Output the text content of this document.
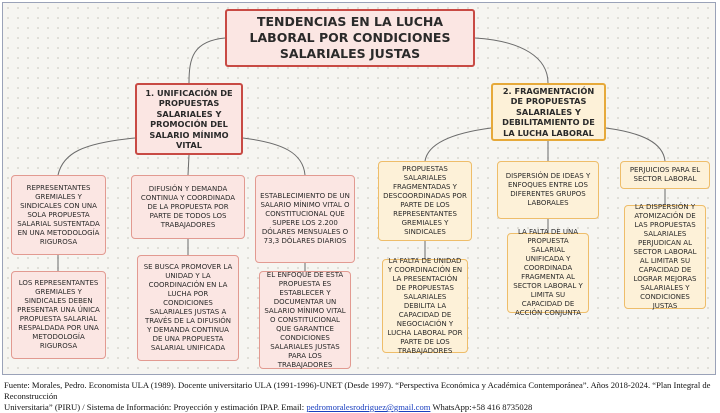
TENDENCIAS EN LA LUCHA LABORAL POR CONDICIONES SALARIALES JUSTAS
1. UNIFICACIÓN DE PROPUESTAS SALARIALES Y PROMOCIÓN DEL SALARIO MÍNIMO VITAL
2. FRAGMENTACIÓN DE PROPUESTAS SALARIALES Y DEBILITAMIENTO DE LA LUCHA LABORAL
REPRESENTANTES GREMIALES Y SINDICALES CON UNA SOLA PROPUESTA SALARIAL SUSTENTADA EN UNA METODOLOGÍA RIGUROSA
LOS REPRESENTANTES GREMIALES Y SINDICALES DEBEN PRESENTAR UNA ÚNICA PROPUESTA SALARIAL RESPALDADA POR UNA METODOLOGÍA RIGUROSA
DIFUSIÓN Y DEMANDA CONTINUA Y COORDINADA DE LA PROPUESTA POR PARTE DE TODOS LOS TRABAJADORES
SE BUSCA PROMOVER LA UNIDAD Y LA COORDINACIÓN EN LA LUCHA POR CONDICIONES SALARIALES JUSTAS A TRAVÉS DE LA DIFUSIÓN Y DEMANDA CONTINUA DE UNA PROPUESTA SALARIAL UNIFICADA
ESTABLECIMIENTO DE UN SALARIO MÍNIMO VITAL O CONSTITUCIONAL QUE SUPERE LOS 2.200 DÓLARES MENSUALES O 73,3 DÓLARES DIARIOS
EL ENFOQUE DE ESTA PROPUESTA ES ESTABLECER Y DOCUMENTAR UN SALARIO MÍNIMO VITAL O CONSTITUCIONAL QUE GARANTICE CONDICIONES SALARIALES JUSTAS PARA LOS TRABAJADORES
PROPUESTAS SALARIALES FRAGMENTADAS Y DESCOORDINADAS POR PARTE DE LOS REPRESENTANTES GREMIALES Y SINDICALES
LA FALTA DE UNIDAD Y COORDINACIÓN EN LA PRESENTACIÓN DE PROPUESTAS SALARIALES DEBILITA LA CAPACIDAD DE NEGOCIACIÓN Y LUCHA LABORAL POR PARTE DE LOS TRABAJADORES
DISPERSIÓN DE IDEAS Y ENFOQUES ENTRE LOS DIFERENTES GRUPOS LABORALES
LA FALTA DE UNA PROPUESTA SALARIAL UNIFICADA Y COORDINADA FRAGMENTA AL SECTOR LABORAL Y LIMITA SU CAPACIDAD DE ACCIÓN CONJUNTA
PERJUICIOS PARA EL SECTOR LABORAL
LA DISPERSIÓN Y ATOMIZACIÓN DE LAS PROPUESTAS SALARIALES PERJUDICAN AL SECTOR LABORAL AL LIMITAR SU CAPACIDAD DE LOGRAR MEJORAS SALARIALES Y CONDICIONES JUSTAS
Fuente: Morales, Pedro. Economista ULA (1989). Docente universitario ULA (1991-1996)-UNET (Desde 1997). “Perspectiva Económica y Académica Contemporánea”. Años 2018-2024. “Plan Integral de Reconstrucción
Universitaria” (PIRU) / Sistema de Información: Proyección y estimación IPAP. Email: pedromoralesrodriguez@gmail.com WhatsApp:+58 416 8735028
